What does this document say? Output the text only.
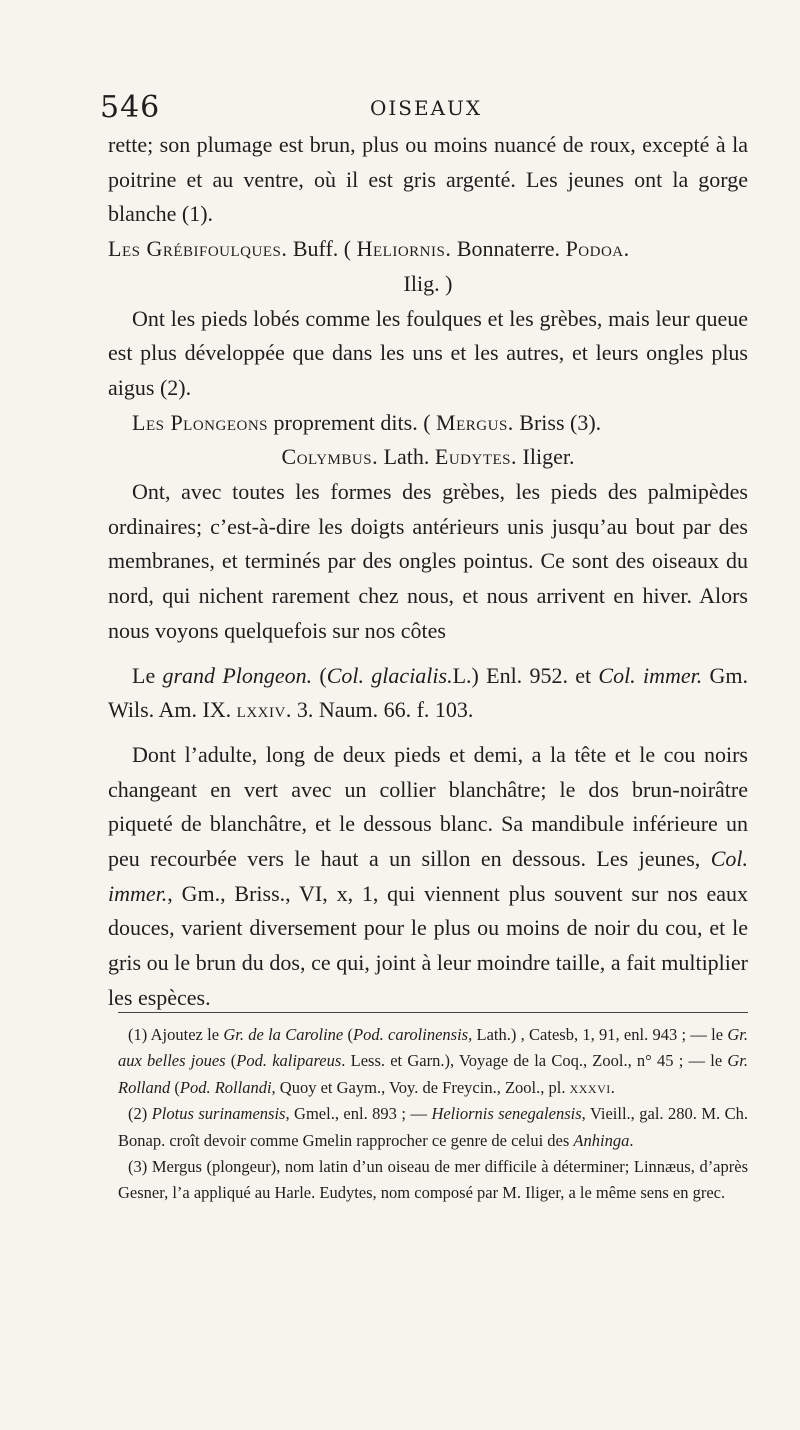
546	OISEAUX

rette; son plumage est brun, plus ou moins nuancé de roux, excepté à la poitrine et au ventre, où il est gris argenté. Les jeunes ont la gorge blanche (1).

Les Grébifoulques. Buff. ( Heliornis. Bonnaterre. Podoa.

Ilig. )

Ont les pieds lobés comme les foulques et les grèbes, mais leur queue est plus développée que dans les uns et les autres, et leurs ongles plus aigus (2).

Les Plongeons proprement dits. ( Mergus. Briss (3).

Colymbus. Lath. Eudytes. Iliger.

Ont, avec toutes les formes des grèbes, les pieds des palmipèdes ordinaires; c’est-à-dire les doigts antérieurs unis jusqu’au bout par des membranes, et terminés par des ongles pointus. Ce sont des oiseaux du nord, qui nichent rarement chez nous, et nous arrivent en hiver. Alors nous voyons quelquefois sur nos côtes

Le grand Plongeon. (Col. glacialis.L.) Enl. 952. et Col. immer. Gm. Wils. Am. IX. lxxiv. 3. Naum. 66. f. 103.

Dont l’adulte, long de deux pieds et demi, a la tête et le cou noirs changeant en vert avec un collier blanchâtre; le dos brun-noirâtre piqueté de blanchâtre, et le dessous blanc. Sa mandibule inférieure un peu recourbée vers le haut a un sillon en dessous. Les jeunes, Col. immer., Gm., Briss., VI, x, 1, qui viennent plus souvent sur nos eaux douces, varient diversement pour le plus ou moins de noir du cou, et le gris ou le brun du dos, ce qui, joint à leur moindre taille, a fait multiplier les espèces.

(1) Ajoutez le Gr. de la Caroline (Pod. carolinensis, Lath.) , Catesb, 1, 91, enl. 943 ; — le Gr. aux belles joues (Pod. kalipareus. Less. et Garn.), Voyage de la Coq., Zool., n° 45 ; — le Gr. Rolland (Pod. Rollandi, Quoy et Gaym., Voy. de Freycin., Zool., pl. xxxvi.

(2) Plotus surinamensis, Gmel., enl. 893 ; — Heliornis senegalensis, Vieill., gal. 280. M. Ch. Bonap. croît devoir comme Gmelin rapprocher ce genre de celui des Anhinga.

(3) Mergus (plongeur), nom latin d’un oiseau de mer difficile à déterminer; Linnæus, d’après Gesner, l’a appliqué au Harle. Eudytes, nom composé par M. Iliger, a le même sens en grec.
